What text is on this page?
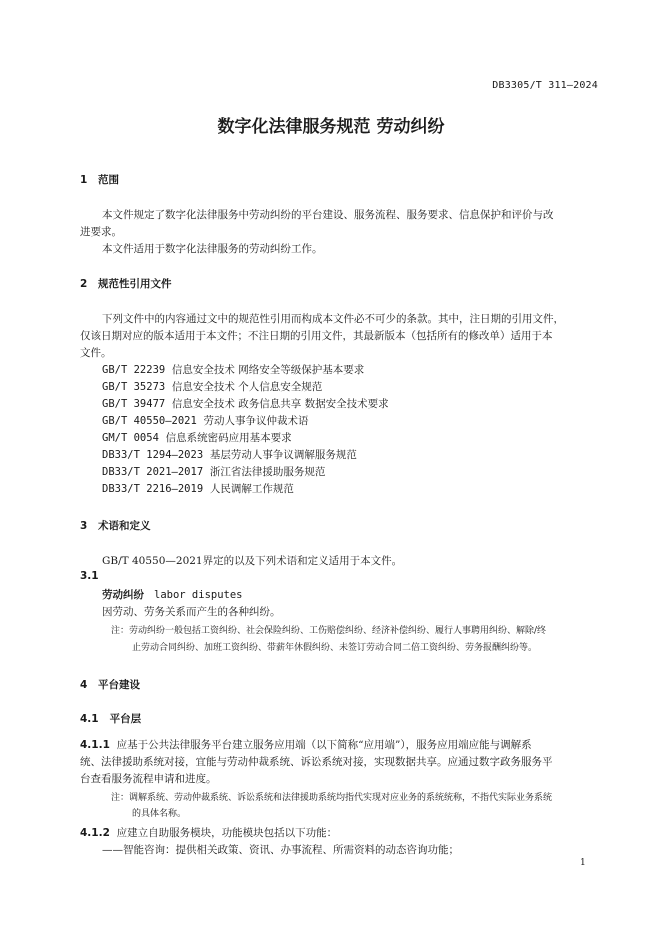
DB3305/T 311—2024
数字化法律服务规范 劳动纠纷
1 范围
本文件规定了数字化法律服务中劳动纠纷的平台建设、服务流程、服务要求、信息保护和评价与改
进要求。
本文件适用于数字化法律服务的劳动纠纷工作。
2 规范性引用文件
下列文件中的内容通过文中的规范性引用而构成本文件必不可少的条款。其中，注日期的引用文件，
仅该日期对应的版本适用于本文件；不注日期的引用文件，其最新版本（包括所有的修改单）适用于本
文件。
GB/T 22239 信息安全技术 网络安全等级保护基本要求
GB/T 35273 信息安全技术 个人信息安全规范
GB/T 39477 信息安全技术 政务信息共享 数据安全技术要求
GB/T 40550—2021 劳动人事争议仲裁术语
GM/T 0054 信息系统密码应用基本要求
DB33/T 1294—2023 基层劳动人事争议调解服务规范
DB33/T 2021—2017 浙江省法律援助服务规范
DB33/T 2216—2019 人民调解工作规范
3 术语和定义
GB/T 40550—2021界定的以及下列术语和定义适用于本文件。
3.1
劳动纠纷 labor disputes
因劳动、劳务关系而产生的各种纠纷。
注：劳动纠纷一般包括工资纠纷、社会保险纠纷、工伤赔偿纠纷、经济补偿纠纷、履行人事聘用纠纷、解除/终
止劳动合同纠纷、加班工资纠纷、带薪年休假纠纷、未签订劳动合同二倍工资纠纷、劳务报酬纠纷等。
4 平台建设
4.1 平台层
4.1.1 应基于公共法律服务平台建立服务应用端（以下简称“应用端”），服务应用端应能与调解系
统、法律援助系统对接，宜能与劳动仲裁系统、诉讼系统对接，实现数据共享。应通过数字政务服务平
台查看服务流程申请和进度。
注：调解系统、劳动仲裁系统、诉讼系统和法律援助系统均指代实现对应业务的系统统称，不指代实际业务系统
的具体名称。
4.1.2 应建立自助服务模块，功能模块包括以下功能：
——智能咨询：提供相关政策、资讯、办事流程、所需资料的动态咨询功能；
1
